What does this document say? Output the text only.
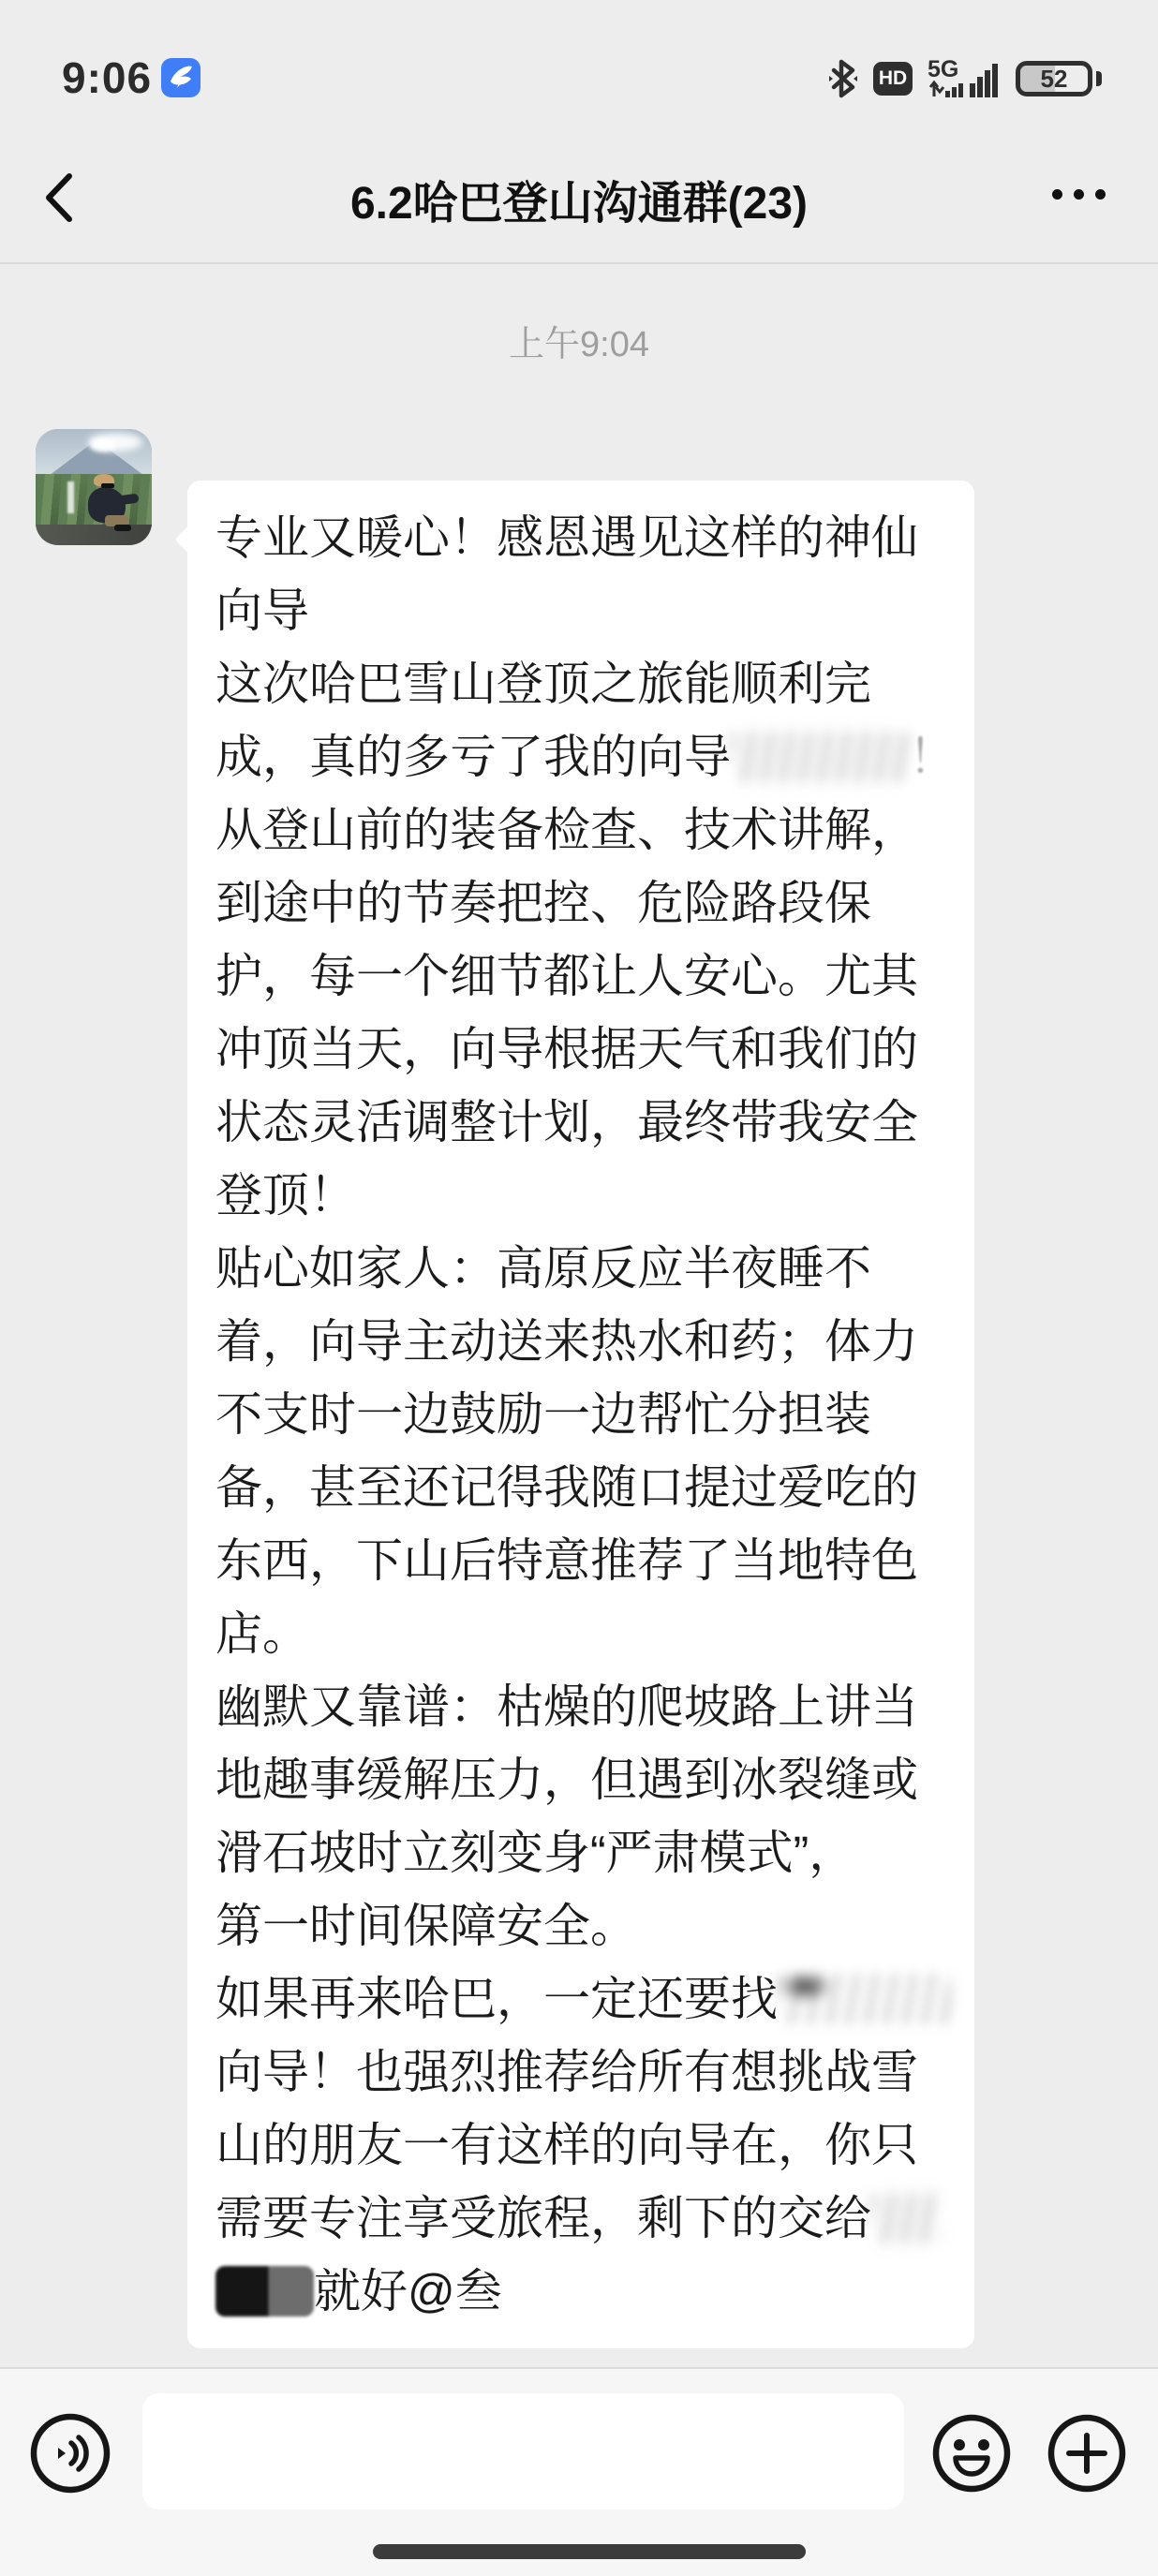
9:06	HD 5G	52
6.2哈巴登山沟通群(23)
上午9:04
专业又暖心！感恩遇见这样的神仙
向导
这次哈巴雪山登顶之旅能顺利完
成，真的多亏了我的向导	！
从登山前的装备检查、技术讲解，
到途中的节奏把控、危险路段保
护，每一个细节都让人安心。尤其
冲顶当天，向导根据天气和我们的
状态灵活调整计划，最终带我安全
登顶！
贴心如家人：高原反应半夜睡不
着，向导主动送来热水和药；体力
不支时一边鼓励一边帮忙分担装
备，甚至还记得我随口提过爱吃的
东西，下山后特意推荐了当地特色
店。
幽默又靠谱：枯燥的爬坡路上讲当
地趣事缓解压力，但遇到冰裂缝或
滑石坡时立刻变身“严肃模式”，
第一时间保障安全。
如果再来哈巴，一定还要找
向导！也强烈推荐给所有想挑战雪
山的朋友一有这样的向导在，你只
需要专注享受旅程，剩下的交给
就好@叁
